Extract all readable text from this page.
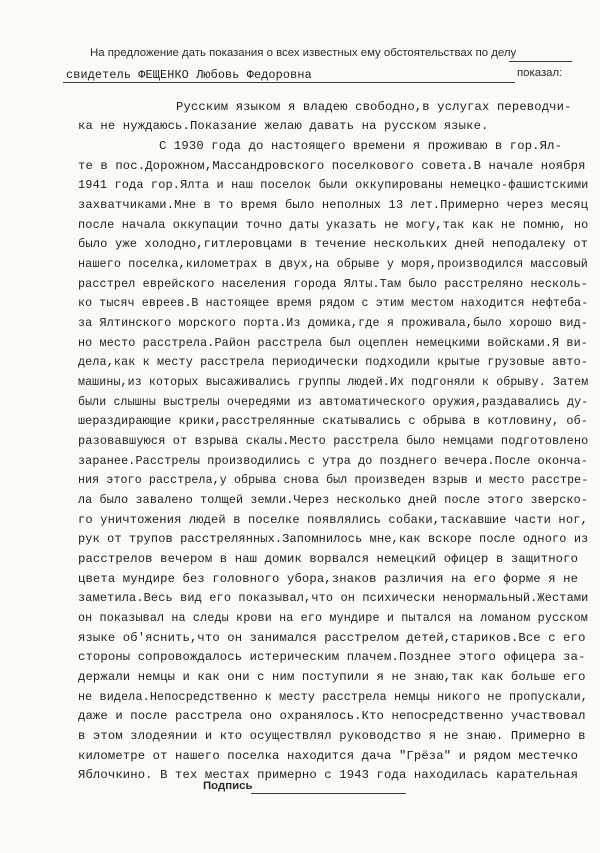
На предложение дать показания о всех известных ему обстоятельствах по делу
свидетель ФЕЩЕНКО Любовь Федоровна	показал:
Русским языком я владею свободно,в услугах переводчи-
ка не нуждаюсь.Показание желаю давать на русском языке.
С 1930 года до настоящего времени я проживаю в гор.Ял-
те в пос.Дорожном,Массандровского поселкового совета.В начале ноября
1941 года гор.Ялта и наш поселок были оккупированы немецко-фашистскими
захватчиками.Мне в то время было неполных 13 лет.Примерно через месяц
после начала оккупации точно даты указать не могу,так как не помню, но
было уже холодно,гитлеровцами в течение нескольких дней неподалеку от
нашего поселка,километрах в двух,на обрыве у моря,производился массовый
расстрел еврейского населения города Ялты.Там было расстреляно несколь-
ко тысяч евреев.В настоящее время рядом с этим местом находится нефтеба-
за Ялтинского морского порта.Из домика,где я проживала,было хорошо вид-
но место расстрела.Район расстрела был оцеплен немецкими войсками.Я ви-
дела,как к месту расстрела периодически подходили крытые грузовые авто-
машины,из которых высаживались группы людей.Их подгоняли к обрыву. Затем
были слышны выстрелы очередями из автоматического оружия,раздавались ду-
шераздирающие крики,расстрелянные скатывались с обрыва в котловину, об-
разовавшуюся от взрыва скалы.Место расстрела было немцами подготовлено
заранее.Расстрелы производились с утра до позднего вечера.После оконча-
ния этого расстрела,у обрыва снова был произведен взрыв и место расстре-
ла было завалено толщей земли.Через несколько дней после этого зверско-
го уничтожения людей в поселке появлялись собаки,таскавшие части ног,
рук от трупов расстрелянных.Запомнилось мне,как вскоре после одного из
расстрелов вечером в наш домик ворвался немецкий офицер в защитного
цвета мундире без головного убора,знаков различия на его форме я не
заметила.Весь вид его показывал,что он психически ненормальный.Жестами
он показывал на следы крови на его мундире и пытался на ломаном русском
языке об'яснить,что он занимался расстрелом детей,стариков.Все с его
стороны сопровождалось истерическим плачем.Позднее этого офицера за-
держали немцы и как они с ним поступили я не знаю,так как больше его
не видела.Непосредственно к месту расстрела немцы никого не пропускали,
даже и после расстрела оно охранялось.Кто непосредственно участвовал
в этом злодеянии и кто осуществлял руководство я не знаю. Примерно в
километре от нашего поселка находится дача "Грёза" и рядом местечко
Яблочкино. В тех местах примерно с 1943 года находилась карательная
Подпись
